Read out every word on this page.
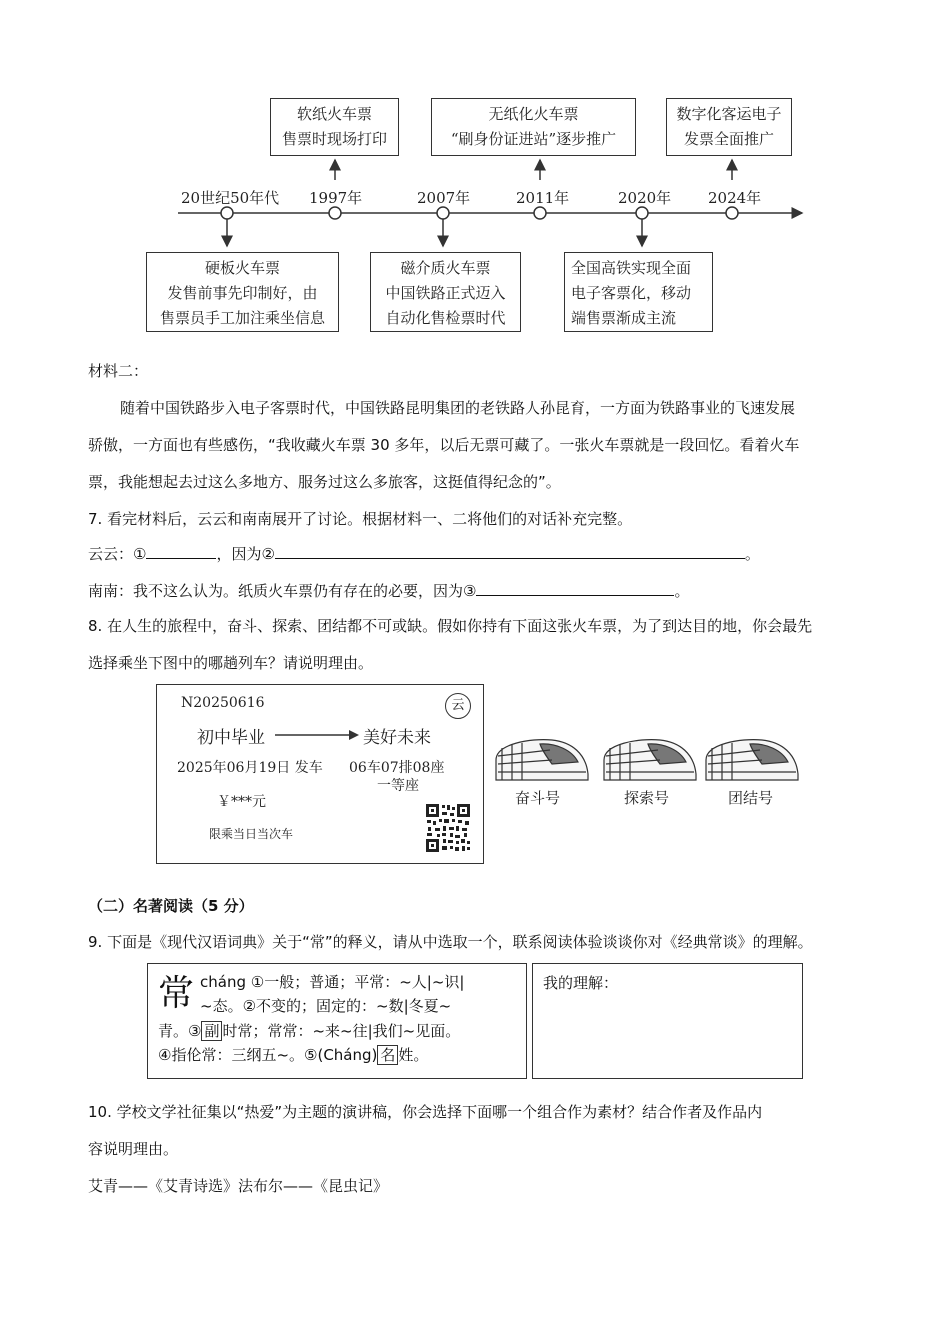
20世纪50年代 1997年	2007年	2011年	2020年 2024年
软纸火车票
售票时现场打印
无纸化火车票
“刷身份证进站”逐步推广
数字化客运电子
发票全面推广
硬板火车票
发售前事先印制好，由
售票员手工加注乘坐信息
磁介质火车票
中国铁路正式迈入
自动化售检票时代
全国高铁实现全面
电子客票化，移动
端售票渐成主流
材料二：
随着中国铁路步入电子客票时代，中国铁路昆明集团的老铁路人孙昆育，一方面为铁路事业的飞速发展
骄傲，一方面也有些感伤，“我收藏火车票 30 多年，以后无票可藏了。一张火车票就是一段回忆。看着火车
票，我能想起去过这么多地方、服务过这么多旅客，这挺值得纪念的”。
7. 看完材料后，云云和南南展开了讨论。根据材料一、二将他们的对话补充完整。
云云：①	，因为②	。
南南：我不这么认为。纸质火车票仍有存在的必要，因为③	。
8. 在人生的旅程中，奋斗、探索、团结都不可或缺。假如你持有下面这张火车票，为了到达目的地，你会最先
选择乘坐下图中的哪趟列车？请说明理由。
N20250616	云
初中毕业	美好未来
2025年06月19日 发车 06车07排08座
一等座
￥***元
限乘当日当次车
奋斗号	探索号	团结号
（二）名著阅读（5 分）
9. 下面是《现代汉语词典》关于“常”的释义，请从中选取一个，联系阅读体验谈谈你对《经典常谈》的理解。
常 cháng ①一般；普通；平常：~人|~识|
~态。②不变的；固定的：~数|冬夏~
青。③ 副 时常；常常：~来~往|我们~见面。
④指伦常：三纲五~。⑤(Cháng) 名 姓。
我的理解：
10. 学校文学社征集以“热爱”为主题的演讲稿，你会选择下面哪一个组合作为素材？结合作者及作品内
容说明理由。
艾青——《艾青诗选》法布尔——《昆虫记》
